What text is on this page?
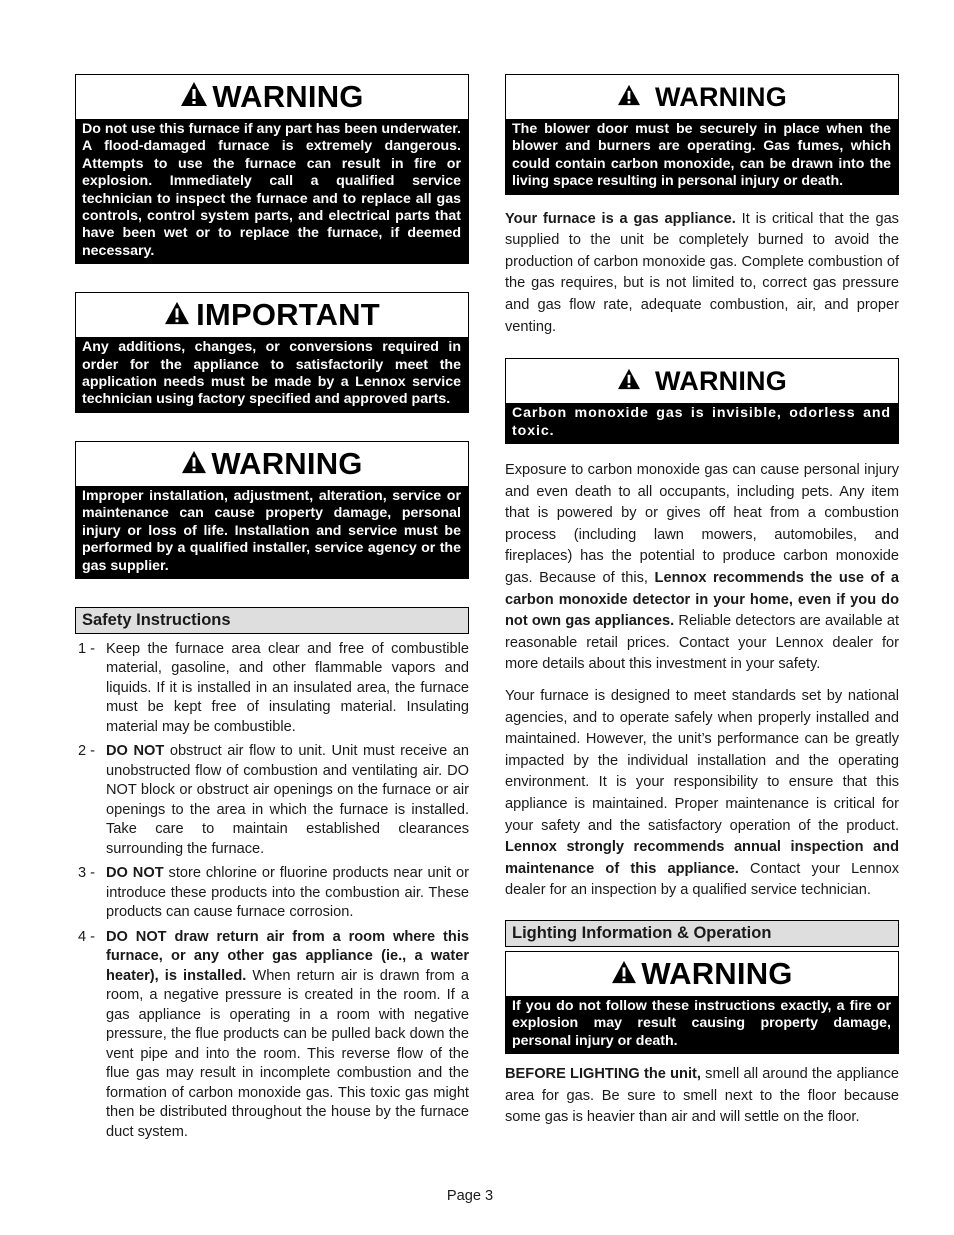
WARNING
Do not use this furnace if any part has been underwater. A flood-damaged furnace is extremely dangerous. Attempts to use the furnace can result in fire or explosion. Immediately call a qualified service technician to inspect the furnace and to replace all gas controls, control system parts, and electrical parts that have been wet or to replace the furnace, if deemed necessary.
IMPORTANT
Any additions, changes, or conversions required in order for the appliance to satisfactorily meet the application needs must be made by a Lennox service technician using factory specified and approved parts.
WARNING
Improper installation, adjustment, alteration, service or maintenance can cause property damage, personal injury or loss of life. Installation and service must be performed by a qualified installer, service agency or the gas supplier.
Safety Instructions
1 - Keep the furnace area clear and free of combustible material, gasoline, and other flammable vapors and liquids. If it is installed in an insulated area, the furnace must be kept free of insulating material. Insulating material may be combustible.
2 - DO NOT obstruct air flow to unit. Unit must receive an unobstructed flow of combustion and ventilating air. DO NOT block or obstruct air openings on the furnace or air openings to the area in which the furnace is installed. Take care to maintain established clearances surrounding the furnace.
3 - DO NOT store chlorine or fluorine products near unit or introduce these products into the combustion air. These products can cause furnace corrosion.
4 - DO NOT draw return air from a room where this furnace, or any other gas appliance (ie., a water heater), is installed. When return air is drawn from a room, a negative pressure is created in the room. If a gas appliance is operating in a room with negative pressure, the flue products can be pulled back down the vent pipe and into the room. This reverse flow of the flue gas may result in incomplete combustion and the formation of carbon monoxide gas. This toxic gas might then be distributed throughout the house by the furnace duct system.
WARNING
The blower door must be securely in place when the blower and burners are operating. Gas fumes, which could contain carbon monoxide, can be drawn into the living space resulting in personal injury or death.

Your furnace is a gas appliance. It is critical that the gas supplied to the unit be completely burned to avoid the production of carbon monoxide gas. Complete combustion of the gas requires, but is not limited to, correct gas pressure and gas flow rate, adequate combustion, air, and proper venting.

WARNING
Carbon monoxide gas is invisible, odorless and toxic.

Exposure to carbon monoxide gas can cause personal injury and even death to all occupants, including pets. Any item that is powered by or gives off heat from a combustion process (including lawn mowers, automobiles, and fireplaces) has the potential to produce carbon monoxide gas. Because of this, Lennox recommends the use of a carbon monoxide detector in your home, even if you do not own gas appliances. Reliable detectors are available at reasonable retail prices. Contact your Lennox dealer for more details about this investment in your safety.

Your furnace is designed to meet standards set by national agencies, and to operate safely when properly installed and maintained. However, the unit’s performance can be greatly impacted by the individual installation and the operating environment. It is your responsibility to ensure that this appliance is maintained. Proper maintenance is critical for your safety and the satisfactory operation of the product. Lennox strongly recommends annual inspection and maintenance of this appliance. Contact your Lennox dealer for an inspection by a qualified service technician.

Lighting Information & Operation
WARNING
If you do not follow these instructions exactly, a fire or explosion may result causing property damage, personal injury or death.

BEFORE LIGHTING the unit, smell all around the appliance area for gas. Be sure to smell next to the floor because some gas is heavier than air and will settle on the floor.

Page 3
